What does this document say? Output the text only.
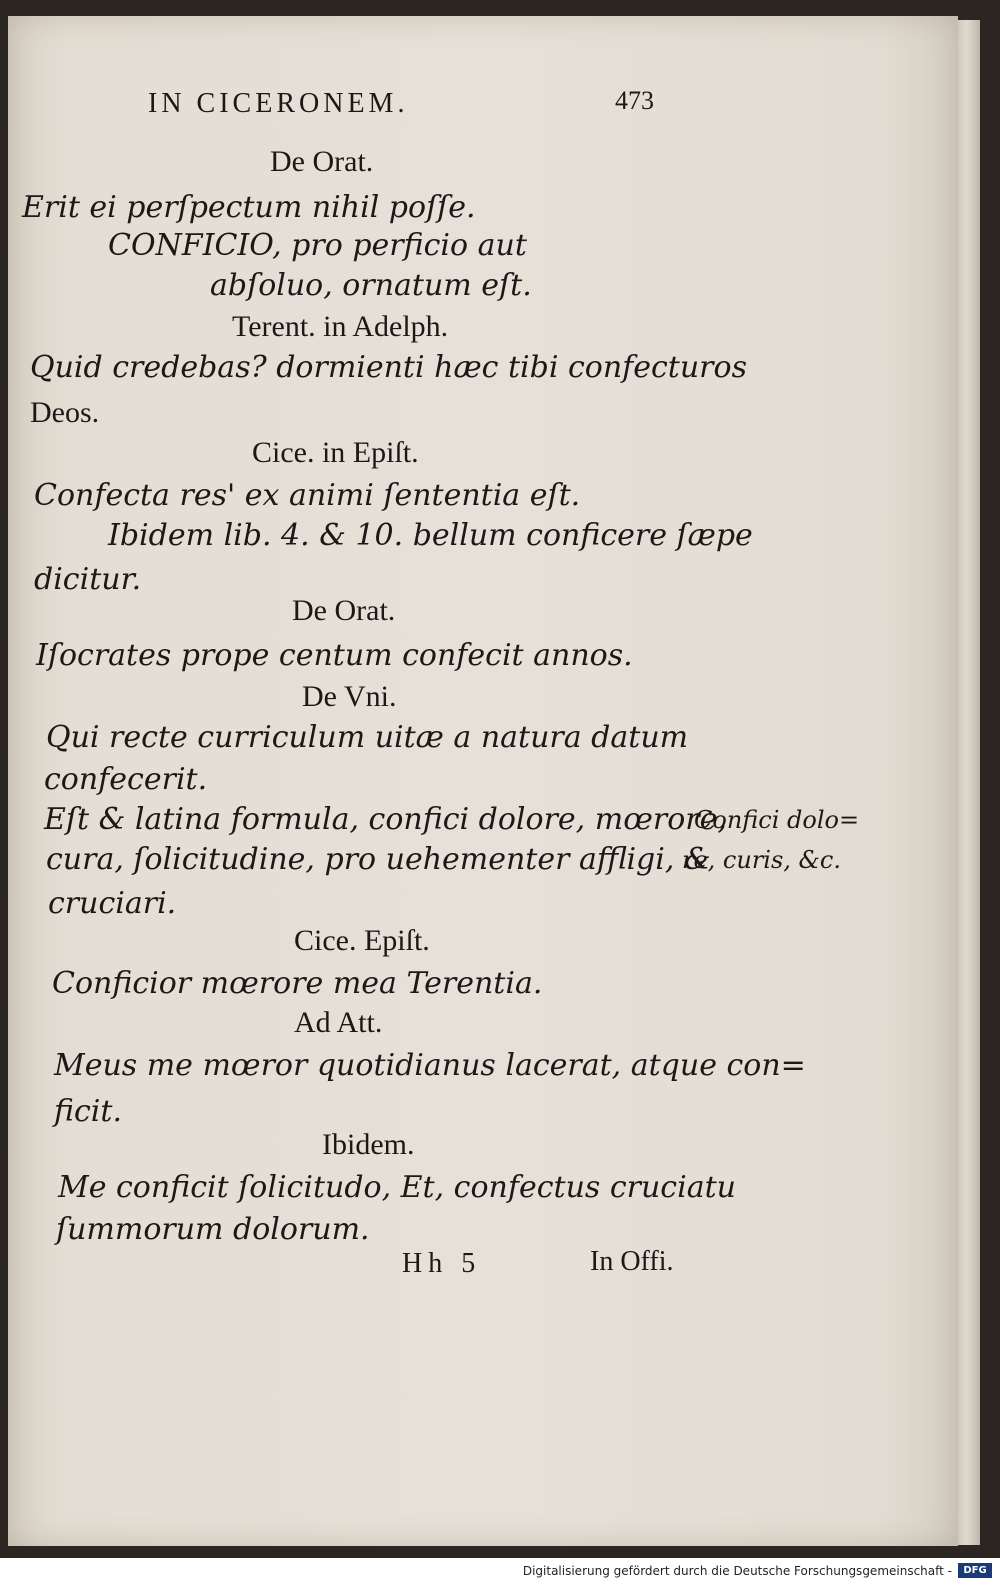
IN CICERONEM.	473

De Orat.

Erit ei perſpectum nihil poſſe.

CONFICIO, pro perficio aut

abſoluo, ornatum eſt.

Terent. in Adelph.

Quid credebas? dormienti hæc tibi confecturos

Deos.

Cice. in Epiſt.

Confecta res' ex animi ſententia eſt.

Ibidem lib. 4. & 10. bellum conficere ſæpe

dicitur.

De Orat.

Iſocrates prope centum confecit annos.

De Vni.

Qui recte curriculum uitæ a natura datum

confecerit.

Eſt & latina formula, confici dolore, mœrore,

cura, ſolicitudine, pro uehementer affligi, &

cruciari.

Cice. Epiſt.

Conficior mœrore mea Terentia.

Ad Att.

Meus me mœror quotidianus lacerat, atque con=

ficit.

Ibidem.

Me conficit ſolicitudo, Et, confectus cruciatu

ſummorum dolorum.

Confici dolo=

re, curis, &c.

Hh 5	In Offi.

Digitalisierung gefördert durch die Deutsche Forschungsgemeinschaft -	DFG
